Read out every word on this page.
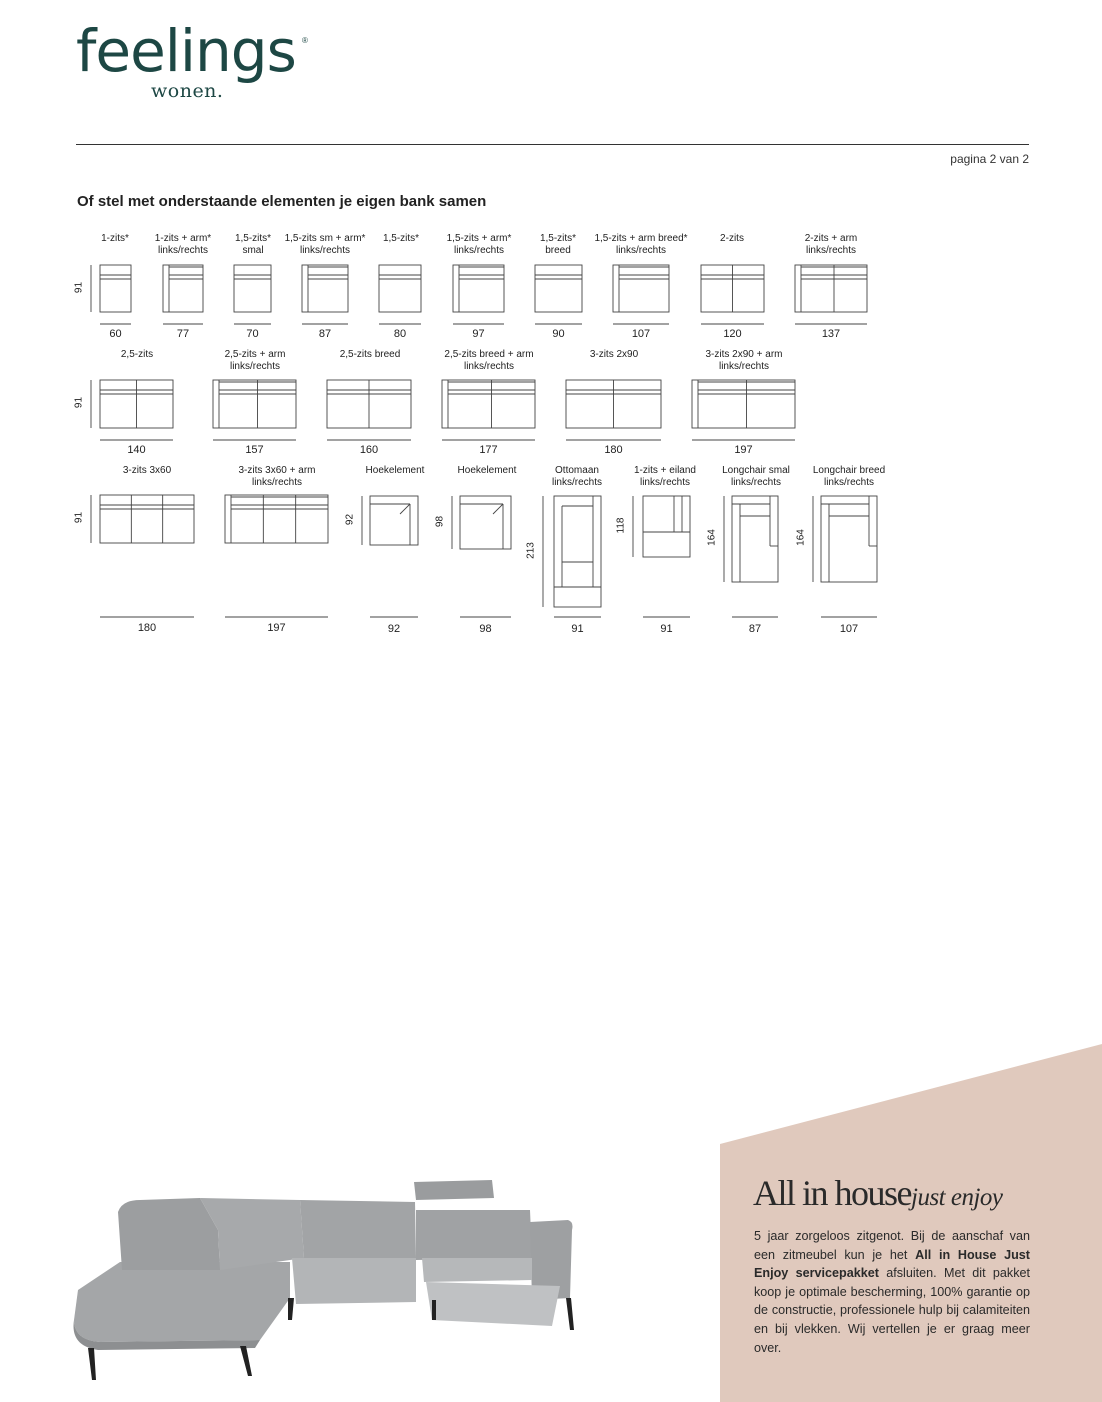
feelings ®
wonen.
pagina 2 van 2
Of stel met onderstaande elementen je eigen bank samen
1-zits*
60
91
1-zits + arm*
links/rechts
77
1,5-zits*
smal
70
1,5-zits sm + arm*
links/rechts
87
1,5-zits*
80
1,5-zits + arm*
links/rechts
97
1,5-zits*
breed
90
1,5-zits + arm breed*
links/rechts
107
2-zits
120
2-zits + arm
links/rechts
137
2,5-zits
140
91
2,5-zits + arm
links/rechts
157
2,5-zits breed
160
2,5-zits breed + arm
links/rechts
177
3-zits 2x90
180
3-zits 2x90 + arm
links/rechts
197
3-zits 3x60
180
91
3-zits 3x60 + arm
links/rechts
197
Hoekelement
92
92
Hoekelement
98
98
Ottomaan
links/rechts
91
213
1-zits + eiland
links/rechts
91
118
Longchair smal
links/rechts
87
164
Longchair breed
links/rechts
107
164
All in housejust enjoy
5 jaar zorgeloos zitgenot. Bij de aanschaf van een zitmeubel kun je het All in House Just Enjoy servicepakket afsluiten. Met dit pakket koop je optimale bescherming, 100% garantie op de constructie, professionele hulp bij calamiteiten en bij vlekken. Wij vertellen je er graag meer over.
